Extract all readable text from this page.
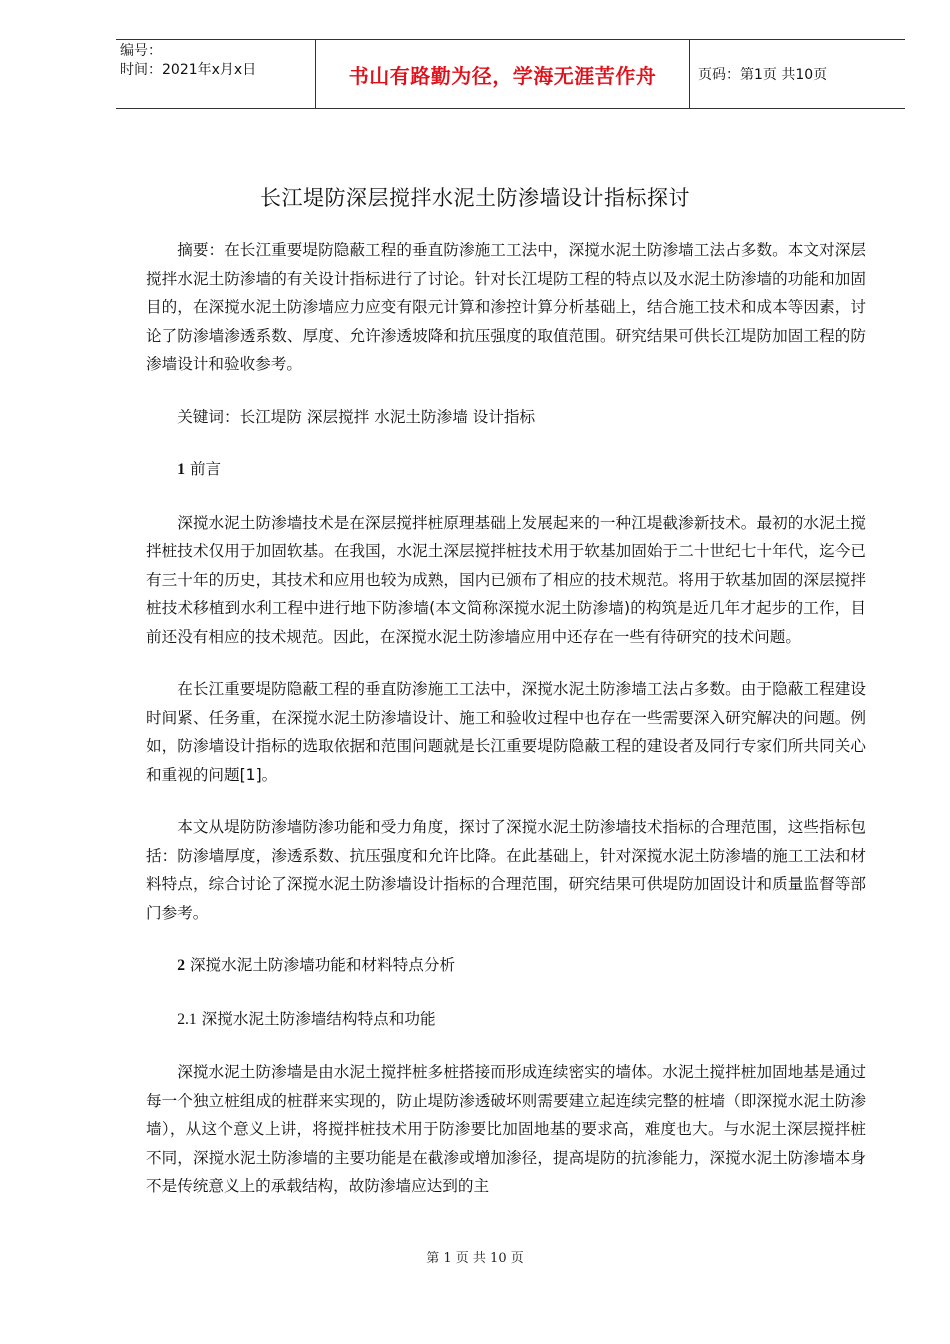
编号：
时间：2021年x月x日	书山有路勤为径，学海无涯苦作舟	页码：第1页 共10页
长江堤防深层搅拌水泥土防渗墙设计指标探讨

摘要：在长江重要堤防隐蔽工程的垂直防渗施工工法中，深搅水泥土防渗墙工法占多数。本文对深层搅拌水泥土防渗墙的有关设计指标进行了讨论。针对长江堤防工程的特点以及水泥土防渗墙的功能和加固目的，在深搅水泥土防渗墙应力应变有限元计算和渗控计算分析基础上，结合施工技术和成本等因素，讨论了防渗墙渗透系数、厚度、允许渗透坡降和抗压强度的取值范围。研究结果可供长江堤防加固工程的防渗墙设计和验收参考。

关键词：长江堤防 深层搅拌 水泥土防渗墙 设计指标

1 前言

深搅水泥土防渗墙技术是在深层搅拌桩原理基础上发展起来的一种江堤截渗新技术。最初的水泥土搅拌桩技术仅用于加固软基。在我国，水泥土深层搅拌桩技术用于软基加固始于二十世纪七十年代，迄今已有三十年的历史，其技术和应用也较为成熟，国内已颁布了相应的技术规范。将用于软基加固的深层搅拌桩技术移植到水利工程中进行地下防渗墙(本文简称深搅水泥土防渗墙)的构筑是近几年才起步的工作，目前还没有相应的技术规范。因此，在深搅水泥土防渗墙应用中还存在一些有待研究的技术问题。

在长江重要堤防隐蔽工程的垂直防渗施工工法中，深搅水泥土防渗墙工法占多数。由于隐蔽工程建设时间紧、任务重，在深搅水泥土防渗墙设计、施工和验收过程中也存在一些需要深入研究解决的问题。例如，防渗墙设计指标的选取依据和范围问题就是长江重要堤防隐蔽工程的建设者及同行专家们所共同关心和重视的问题[1]。

本文从堤防防渗墙防渗功能和受力角度，探讨了深搅水泥土防渗墙技术指标的合理范围，这些指标包括：防渗墙厚度，渗透系数、抗压强度和允许比降。在此基础上，针对深搅水泥土防渗墙的施工工法和材料特点，综合讨论了深搅水泥土防渗墙设计指标的合理范围，研究结果可供堤防加固设计和质量监督等部门参考。

2 深搅水泥土防渗墙功能和材料特点分析

2.1 深搅水泥土防渗墙结构特点和功能

深搅水泥土防渗墙是由水泥土搅拌桩多桩搭接而形成连续密实的墙体。水泥土搅拌桩加固地基是通过每一个独立桩组成的桩群来实现的，防止堤防渗透破坏则需要建立起连续完整的桩墙（即深搅水泥土防渗墙），从这个意义上讲，将搅拌桩技术用于防渗要比加固地基的要求高，难度也大。与水泥土深层搅拌桩不同，深搅水泥土防渗墙的主要功能是在截渗或增加渗径，提高堤防的抗渗能力，深搅水泥土防渗墙本身不是传统意义上的承载结构，故防渗墙应达到的主

第 1 页 共 10 页
